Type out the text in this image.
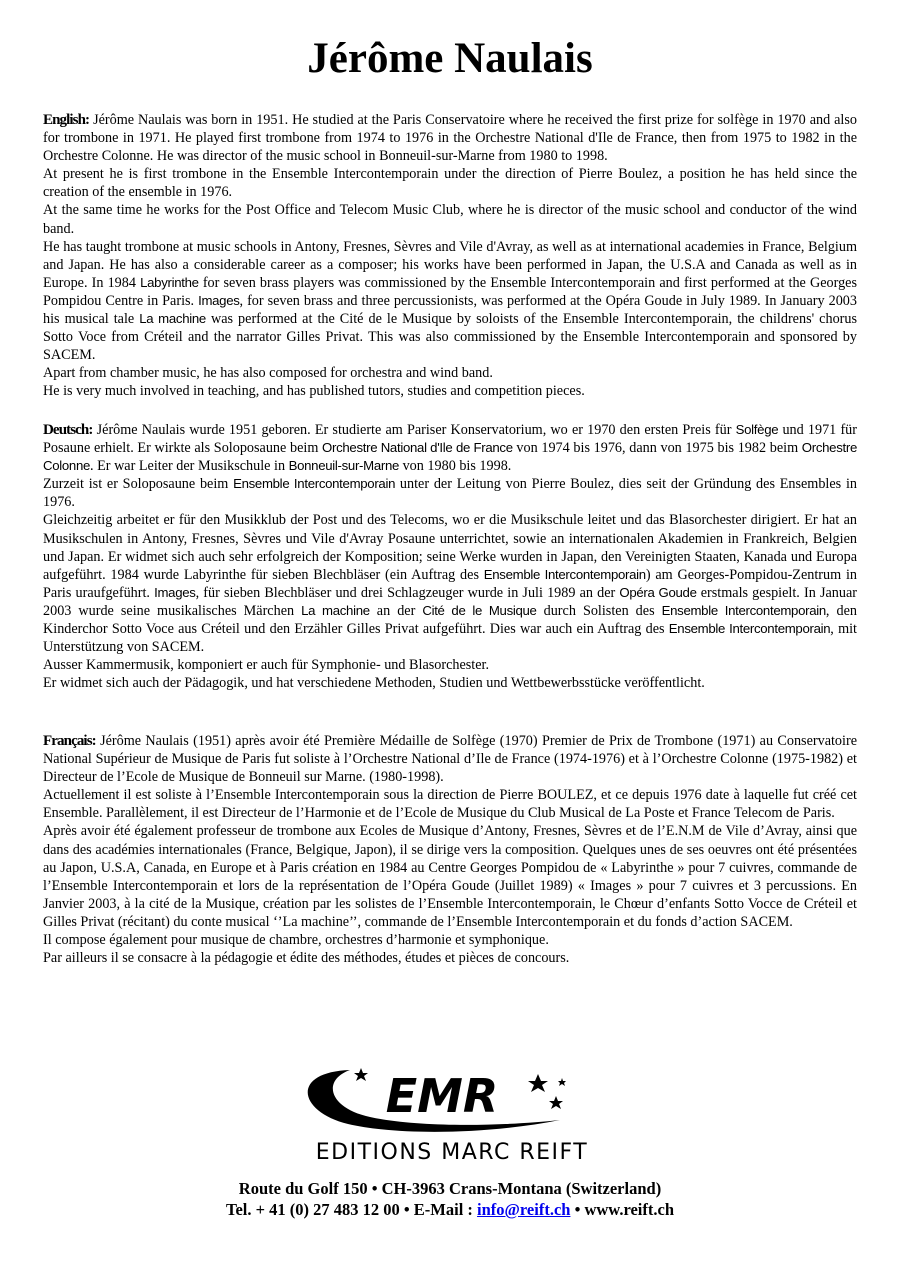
Jérôme Naulais

English: Jérôme Naulais was born in 1951. He studied at the Paris Conservatoire where he received the first prize for solfège in 1970 and also for trombone in 1971. He played first trombone from 1974 to 1976 in the Orchestre National d'Ile de France, then from 1975 to 1982 in the Orchestre Colonne. He was director of the music school in Bonneuil-sur-Marne from 1980 to 1998.

At present he is first trombone in the Ensemble Intercontemporain under the direction of Pierre Boulez, a position he has held since the creation of the ensemble in 1976.

At the same time he works for the Post Office and Telecom Music Club, where he is director of the music school and conductor of the wind band.

He has taught trombone at music schools in Antony, Fresnes, Sèvres and Vile d'Avray, as well as at international academies in France, Belgium and Japan. He has also a considerable career as a composer; his works have been performed in Japan, the U.S.A and Canada as well as in Europe. In 1984 Labyrinthe for seven brass players was commissioned by the Ensemble Intercontemporain and first performed at the Georges Pompidou Centre in Paris. Images, for seven brass and three percussionists, was performed at the Opéra Goude in July 1989. In January 2003 his musical tale La machine was performed at the Cité de le Musique by soloists of the Ensemble Intercontemporain, the childrens' chorus Sotto Voce from Créteil and the narrator Gilles Privat. This was also commissioned by the Ensemble Intercontemporain and sponsored by SACEM.

Apart from chamber music, he has also composed for orchestra and wind band.

He is very much involved in teaching, and has published tutors, studies and competition pieces.

Deutsch: Jérôme Naulais wurde 1951 geboren. Er studierte am Pariser Konservatorium, wo er 1970 den ersten Preis für Solfège und 1971 für Posaune erhielt. Er wirkte als Soloposaune beim Orchestre National d'Ile de France von 1974 bis 1976, dann von 1975 bis 1982 beim Orchestre Colonne. Er war Leiter der Musikschule in Bonneuil-sur-Marne von 1980 bis 1998.

Zurzeit ist er Soloposaune beim Ensemble Intercontemporain unter der Leitung von Pierre Boulez, dies seit der Gründung des Ensembles in 1976.

Gleichzeitig arbeitet er für den Musikklub der Post und des Telecoms, wo er die Musikschule leitet und das Blasorchester dirigiert. Er hat an Musikschulen in Antony, Fresnes, Sèvres und Vile d'Avray Posaune unterrichtet, sowie an internationalen Akademien in Frankreich, Belgien und Japan. Er widmet sich auch sehr erfolgreich der Komposition; seine Werke wurden in Japan, den Vereinigten Staaten, Kanada und Europa aufgeführt. 1984 wurde Labyrinthe für sieben Blechbläser (ein Auftrag des Ensemble Intercontemporain) am Georges-Pompidou-Zentrum in Paris uraufgeführt. Images, für sieben Blechbläser und drei Schlagzeuger wurde in Juli 1989 an der Opéra Goude erstmals gespielt. In Januar 2003 wurde seine musikalisches Märchen La machine an der Cité de le Musique durch Solisten des Ensemble Intercontemporain, den Kinderchor Sotto Voce aus Créteil und den Erzähler Gilles Privat aufgeführt. Dies war auch ein Auftrag des Ensemble Intercontemporain, mit Unterstützung von SACEM.

Ausser Kammermusik, komponiert er auch für Symphonie- und Blasorchester.

Er widmet sich auch der Pädagogik, und hat verschiedene Methoden, Studien und Wettbewerbsstücke veröffentlicht.

Français: Jérôme Naulais (1951) après avoir été Première Médaille de Solfège (1970) Premier de Prix de Trombone (1971) au Conservatoire National Supérieur de Musique de Paris fut soliste à l’Orchestre National d’Ile de France (1974-1976) et à l’Orchestre Colonne (1975-1982) et Directeur de l’Ecole de Musique de Bonneuil sur Marne. (1980-1998).

Actuellement il est soliste à l’Ensemble Intercontemporain sous la direction de Pierre BOULEZ, et ce depuis 1976 date à laquelle fut créé cet Ensemble. Parallèlement, il est Directeur de l’Harmonie et de l’Ecole de Musique du Club Musical de La Poste et France Telecom de Paris.

Après avoir été également professeur de trombone aux Ecoles de Musique d’Antony, Fresnes, Sèvres et de l’E.N.M de Vile d’Avray, ainsi que dans des académies internationales (France, Belgique, Japon), il se dirige vers la composition. Quelques unes de ses oeuvres ont été présentées au Japon, U.S.A, Canada, en Europe et à Paris création en 1984 au Centre Georges Pompidou de « Labyrinthe » pour 7 cuivres, commande de l’Ensemble Intercontemporain et lors de la représentation de l’Opéra Goude (Juillet 1989) « Images » pour 7 cuivres et 3 percussions. En Janvier 2003, à la cité de la Musique, création par les solistes de l’Ensemble Intercontemporain, le Chœur d’enfants Sotto Vocce de Créteil et Gilles Privat (récitant) du conte musical ‘’La machine’’, commande de l’Ensemble Intercontemporain et du fonds d’action SACEM.

Il compose également pour musique de chambre, orchestres d’harmonie et symphonique.

Par ailleurs il se consacre à la pédagogie et édite des méthodes, études et pièces de concours.

EMR
EDITIONS MARC REIFT
Route du Golf 150 • CH-3963 Crans-Montana (Switzerland)
Tel. + 41 (0) 27 483 12 00 • E-Mail : info@reift.ch • www.reift.ch
